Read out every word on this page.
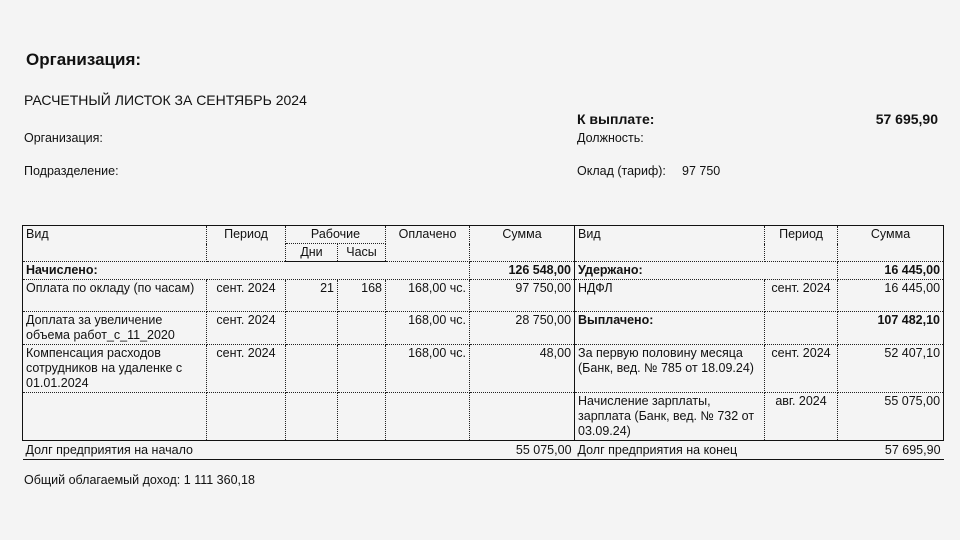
Организация:
РАСЧЕТНЫЙ ЛИСТОК ЗА СЕНТЯБРЬ 2024
К выплате:	57 695,90
Организация:	Должность:
Подразделение:	Оклад (тариф): 97 750
Вид	Период	Рабочие		Оплачено	Сумма	Вид	Период	Сумма
		Дни	Часы					
Начислено:					126 548,00	Удержано:		16 445,00
Оплата по окладу (по часам)	сент. 2024	21	168	168,00 чс.	97 750,00	НДФЛ	сент. 2024	16 445,00
Доплата за увеличение объема работ_с_11_2020	сент. 2024			168,00 чс.	28 750,00	Выплачено:		107 482,10
Компенсация расходов сотрудников на удаленке с 01.01.2024	сент. 2024			168,00 чс.	48,00	За первую половину месяца (Банк, вед. № 785 от 18.09.24)	сент. 2024	52 407,10
						Начисление зарплаты, зарплата (Банк, вед. № 732 от 03.09.24)	авг. 2024	55 075,00
Долг предприятия на начало					55 075,00	Долг предприятия на конец		57 695,90
Общий облагаемый доход: 1 111 360,18
